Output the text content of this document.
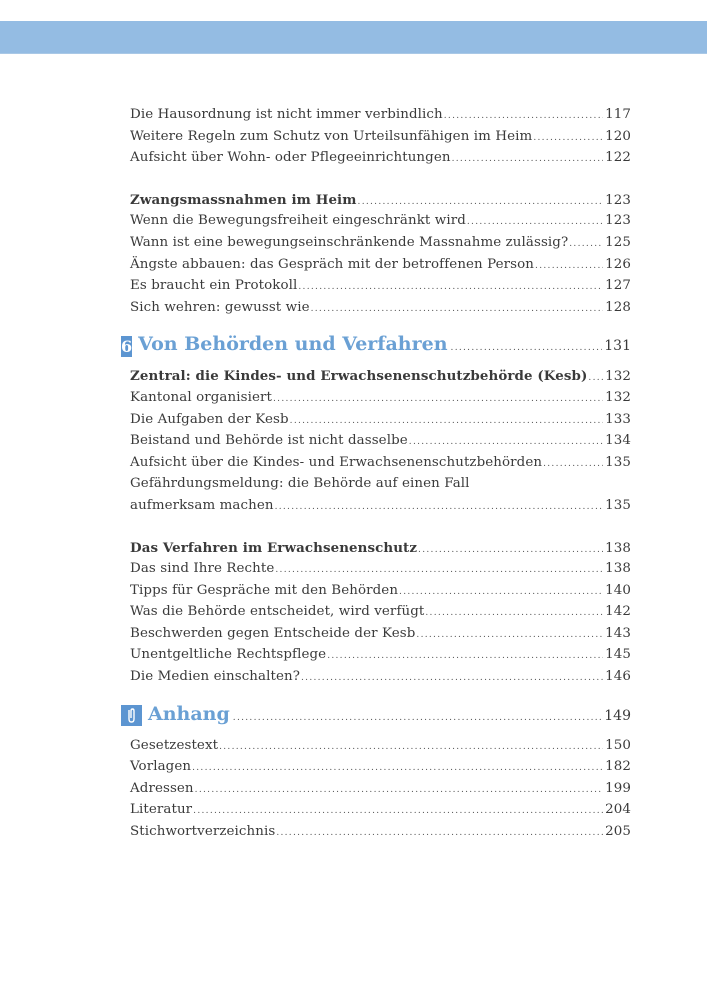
Die Hausordnung ist nicht immer verbindlich .....	117
Weitere Regeln zum Schutz von Urteilsunfähigen im Heim .....	120
Aufsicht über Wohn- oder Pflegeeinrichtungen .....	122
Zwangsmassnahmen im Heim .....	123
Wenn die Bewegungsfreiheit eingeschränkt wird .....	123
Wann ist eine bewegungseinschränkende Massnahme zulässig? .....	125
Ängste abbauen: das Gespräch mit der betroffenen Person .....	126
Es braucht ein Protokoll .....	127
Sich wehren: gewusst wie .....	128
6 Von Behörden und Verfahren .....	131
Zentral: die Kindes- und Erwachsenenschutzbehörde (Kesb) ..... 132
Kantonal organisiert .....	132
Die Aufgaben der Kesb .....	133
Beistand und Behörde ist nicht dasselbe .....	134
Aufsicht über die Kindes- und Erwachsenenschutzbehörden .....	135
Gefährdungsmeldung: die Behörde auf einen Fall
aufmerksam machen .....	135
Das Verfahren im Erwachsenenschutz .....	138
Das sind Ihre Rechte .....	138
Tipps für Gespräche mit den Behörden .....	140
Was die Behörde entscheidet, wird verfügt .....	142
Beschwerden gegen Entscheide der Kesb .....	143
Unentgeltliche Rechtspflege .....	145
Die Medien einschalten? .....	146
Anhang .....	149
Gesetzestext .....	150
Vorlagen .....	182
Adressen .....	199
Literatur .....	204
Stichwortverzeichnis .....	205
